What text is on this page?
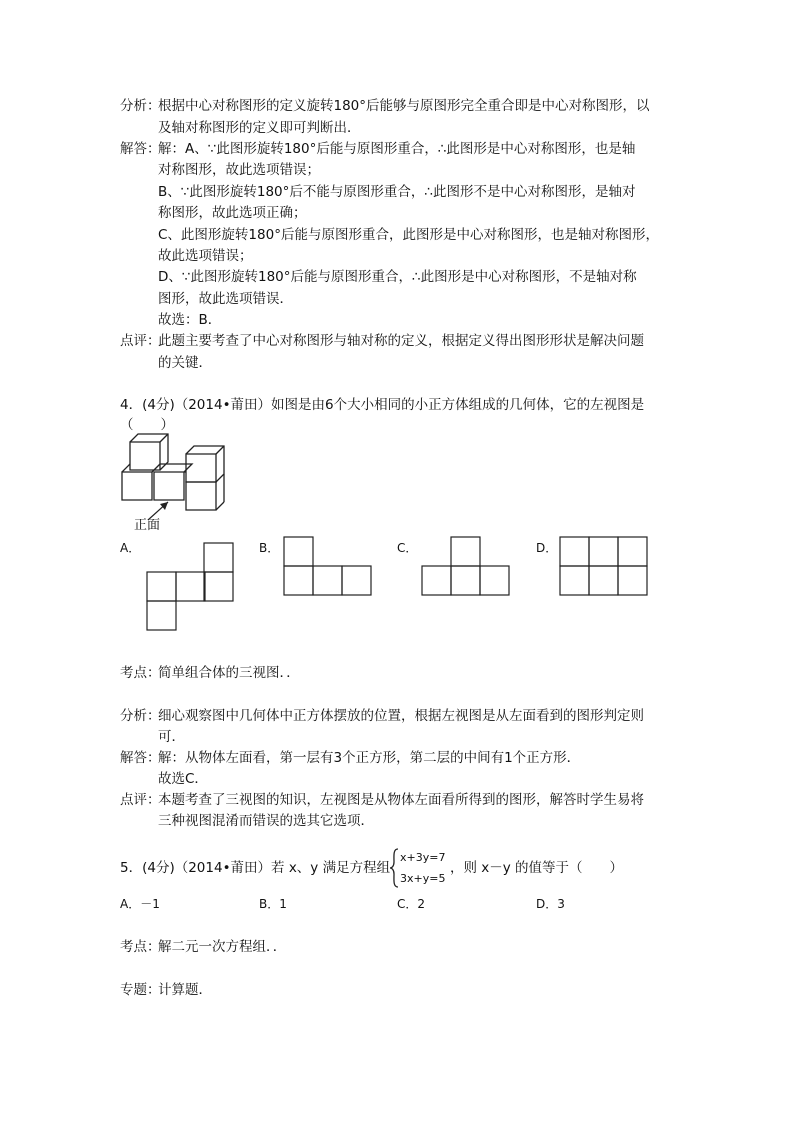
分析：
根据中心对称图形的定义旋转180°后能够与原图形完全重合即是中心对称图形，以
及轴对称图形的定义即可判断出．
解答：
解：A、∵此图形旋转180°后能与原图形重合，∴此图形是中心对称图形，也是轴
对称图形，故此选项错误；
B、∵此图形旋转180°后不能与原图形重合，∴此图形不是中心对称图形，是轴对
称图形，故此选项正确；
C、此图形旋转180°后能与原图形重合，此图形是中心对称图形，也是轴对称图形，
故此选项错误；
D、∵此图形旋转180°后能与原图形重合，∴此图形是中心对称图形，不是轴对称
图形，故此选项错误．
故选：B．
点评：
此题主要考查了中心对称图形与轴对称的定义，根据定义得出图形形状是解决问题
的关键．
4．(4分)（2014•莆田）如图是由6个大小相同的小正方体组成的几何体，它的左视图是
（　　）
正面
A．	B．	C．	D．
考点：
简单组合体的三视图．．
分析：
细心观察图中几何体中正方体摆放的位置，根据左视图是从左面看到的图形判定则
可．
解答：
解：从物体左面看，第一层有3个正方形，第二层的中间有1个正方形．
故选C．
点评：
本题考查了三视图的知识，左视图是从物体左面看所得到的图形，解答时学生易将
三种视图混淆而错误的选其它选项．
5．(4分)（2014•莆田）若 x、y 满足方程组
x+3y=7
3x+y=5
，则 x－y 的值等于（　　）
A．－1	B．1	C．2	D．3
考点：
解二元一次方程组．．
专题：
计算题．
